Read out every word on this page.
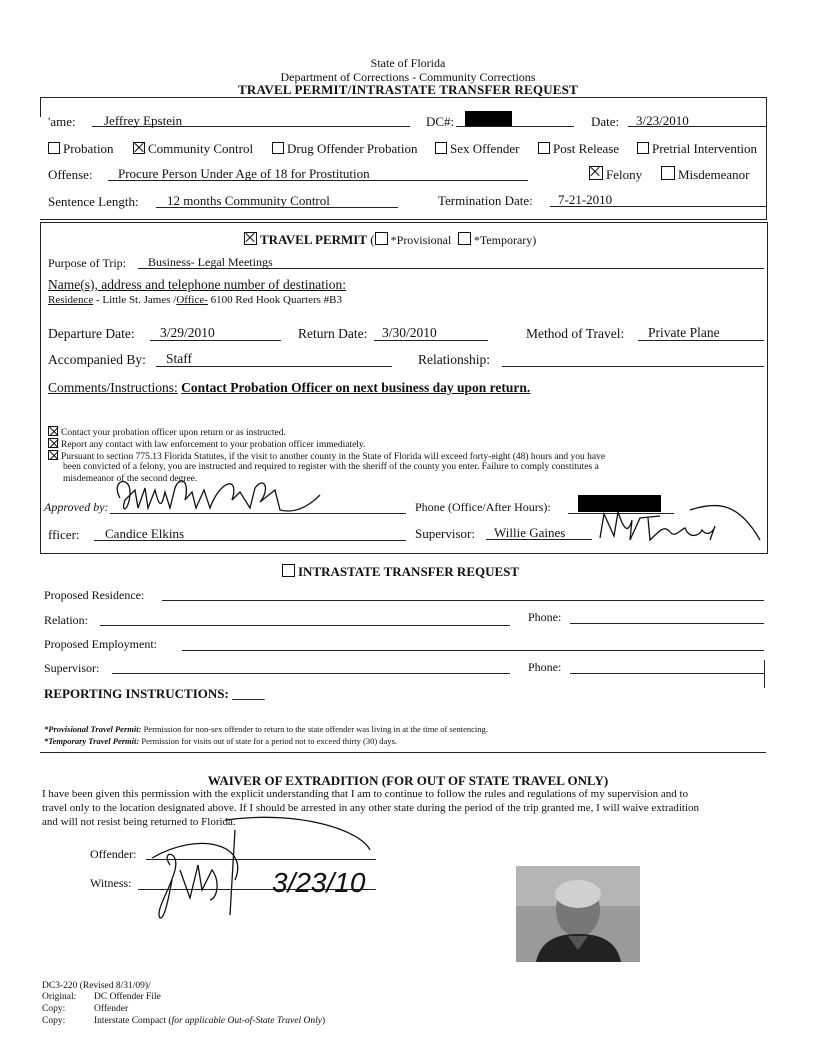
State of Florida
Department of Corrections - Community Corrections
TRAVEL PERMIT/INTRASTATE TRANSFER REQUEST
'ame: Jeffrey Epstein	DC#:	Date: 3/23/2010
Probation	Community Control	Drug Offender Probation	Sex Offender	Post Release	Pretrial Intervention
Offense: Procure Person Under Age of 18 for Prostitution	Felony	Misdemeanor
Sentence Length: 12 months Community Control	Termination Date: 7-21-2010
TRAVEL PERMIT ( *Provisional *Temporary)
Purpose of Trip: Business- Legal Meetings
Name(s), address and telephone number of destination:
Residence - Little St. James /Office- 6100 Red Hook Quarters #B3
Departure Date: 3/29/2010	Return Date: 3/30/2010	Method of Travel: Private Plane
Accompanied By: Staff	Relationship:
Comments/Instructions: Contact Probation Officer on next business day upon return.
Contact your probation officer upon return or as instructed.
Report any contact with law enforcement to your probation officer immediately.
Pursuant to section 775.13 Florida Statutes, if the visit to another county in the State of Florida will exceed forty-eight (48) hours and you have
been convicted of a felony, you are instructed and required to register with the sheriff of the county you enter. Failure to comply constitutes a
misdemeanor of the second degree.
Approved by:	Phone (Office/After Hours):
fficer: Candice Elkins	Supervisor: Willie Gaines
INTRASTATE TRANSFER REQUEST
Proposed Residence:
Relation:	Phone:
Proposed Employment:
Supervisor:	Phone:
REPORTING INSTRUCTIONS: _____
*Provisional Travel Permit: Permission for non-sex offender to return to the state offender was living in at the time of sentencing.
*Temporary Travel Permit: Permission for visits out of state for a period not to exceed thirty (30) days.
WAIVER OF EXTRADITION (FOR OUT OF STATE TRAVEL ONLY)
I have been given this permission with the explicit understanding that I am to continue to follow the rules and regulations of my supervision and to
travel only to the location designated above. If I should be arrested in any other state during the period of the trip granted me, I will waive extradition
and will not resist being returned to Florida.
Offender:
Witness:	3/23/10
DC3-220 (Revised 8/31/09)/
Original: DC Offender File
Copy:	Offender
Copy:	Interstate Compact (for applicable Out-of-State Travel Only)
